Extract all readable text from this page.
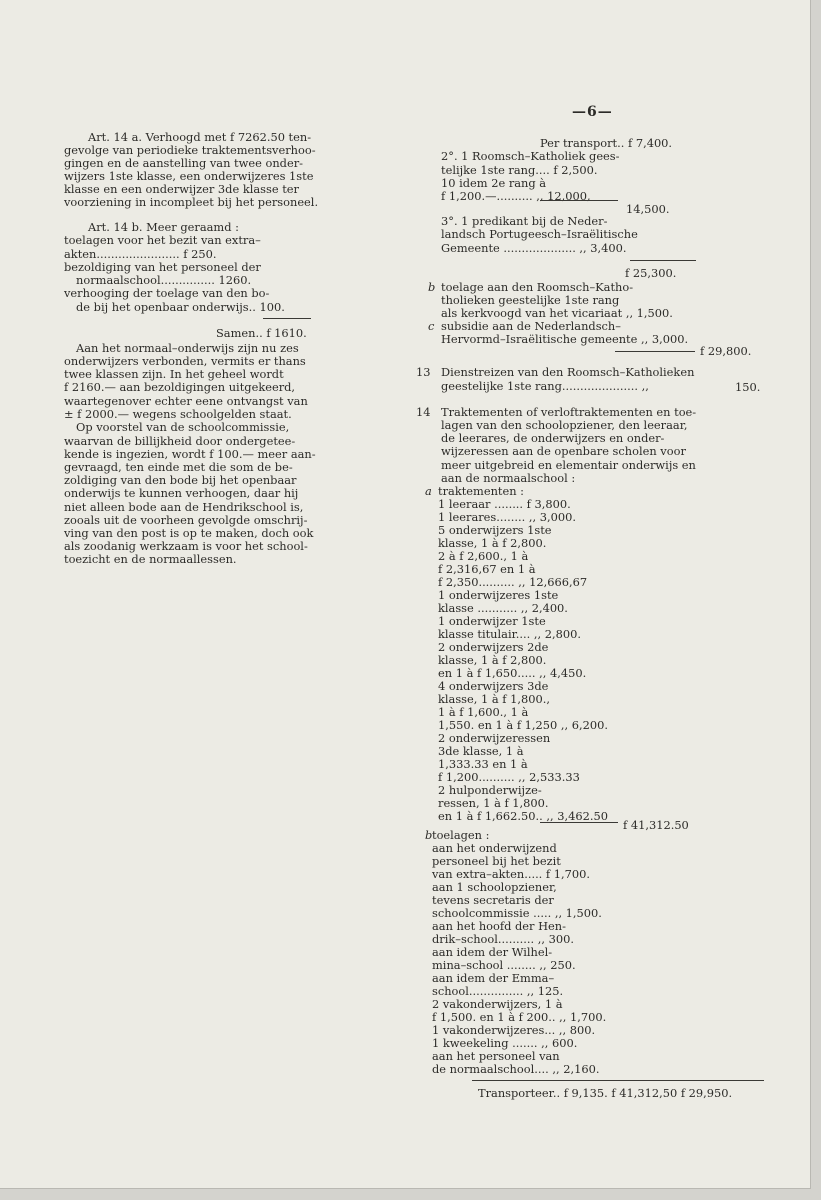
—6—
Art. 14 a. Verhoogd met f 7262.50 ten-
gevolge van periodieke traktementsverhoo-
gingen en de aanstelling van twee onder-
wijzers 1ste klasse, een onderwijzeres 1ste
klasse en een onderwijzer 3de klasse ter
voorziening in incompleet bij het personeel.
Art. 14 b. Meer geraamd :
toelagen voor het bezit van extra–
akten....................... f 250.
bezoldiging van het personeel der
normaalschool............... 1260.
verhooging der toelage van den bo-
de bij het openbaar onderwijs.. 100.
Samen.. f 1610.
Aan het normaal–onderwijs zijn nu zes
onderwijzers verbonden, vermits er thans
twee klassen zijn. In het geheel wordt
f 2160.— aan bezoldigingen uitgekeerd,
waartegenover echter eene ontvangst van
± f 2000.— wegens schoolgelden staat.
Op voorstel van de schoolcommissie,
waarvan de billijkheid door ondergetee-
kende is ingezien, wordt f 100.— meer aan-
gevraagd, ten einde met die som de be-
zoldiging van den bode bij het openbaar
onderwijs te kunnen verhoogen, daar hij
niet alleen bode aan de Hendrikschool is,
zooals uit de voorheen gevolgde omschrij-
ving van den post is op te maken, doch ook
als zoodanig werkzaam is voor het school-
toezicht en de normaallessen.
Per transport.. f 7,400.
2°. 1 Roomsch–Katholiek gees-
telijke 1ste rang.... f 2,500.
10 idem 2e rang à
f 1,200.—.......... ,, 12,000,
14,500.
3°. 1 predikant bij de Neder-
landsch Portugeesch–Israëlitische
Gemeente .................... ,, 3,400.
f 25,300.
b toelage aan den Roomsch–Katho-
tholieken geestelijke 1ste rang
als kerkvoogd van het vicariaat ,, 1,500.
c subsidie aan de Nederlandsch–
Hervormd–Israëlitische gemeente ,, 3,000.
f 29,800.
13 Dienstreizen van den Roomsch–Katholieken
geestelijke 1ste rang..................... ,,	150.
14 Traktementen of verloftraktementen en toe-
lagen van den schoolopziener, den leeraar,
de leerares, de onderwijzers en onder-
wijzeressen aan de openbare scholen voor
meer uitgebreid en elementair onderwijs en
aan de normaalschool :
a traktementen :
1 leeraar ........ f 3,800.
1 leerares........ ,, 3,000.
5 onderwijzers 1ste
klasse, 1 à f 2,800.
2 à f 2,600., 1 à
f 2,316,67 en 1 à
f 2,350.......... ,, 12,666,67
1 onderwijzeres 1ste
klasse ........... ,, 2,400.
1 onderwijzer 1ste
klasse titulair.... ,, 2,800.
2 onderwijzers 2de
klasse, 1 à f 2,800.
en 1 à f 1,650..... ,, 4,450.
4 onderwijzers 3de
klasse, 1 à f 1,800.,
1 à f 1,600., 1 à
1,550. en 1 à f 1,250 ,, 6,200.
2 onderwijzeressen
3de klasse, 1 à
1,333.33 en 1 à
f 1,200.......... ,, 2,533.33
2 hulponderwijze-
ressen, 1 à f 1,800.
en 1 à f 1,662.50.. ,, 3,462.50
f 41,312.50
b toelagen :
aan het onderwijzend
personeel bij het bezit
van extra–akten..... f 1,700.
aan 1 schoolopziener,
tevens secretaris der
schoolcommissie ..... ,, 1,500.
aan het hoofd der Hen-
drik–school.......... ,, 300.
aan idem der Wilhel-
mina–school ........ ,, 250.
aan idem der Emma–
school............... ,, 125.
2 vakonderwijzers, 1 à
f 1,500. en 1 à f 200.. ,, 1,700.
1 vakonderwijzeres... ,, 800.
1 kweekeling ....... ,, 600.
aan het personeel van
de normaalschool.... ,, 2,160.
Transporteer.. f 9,135. f 41,312,50 f 29,950.
